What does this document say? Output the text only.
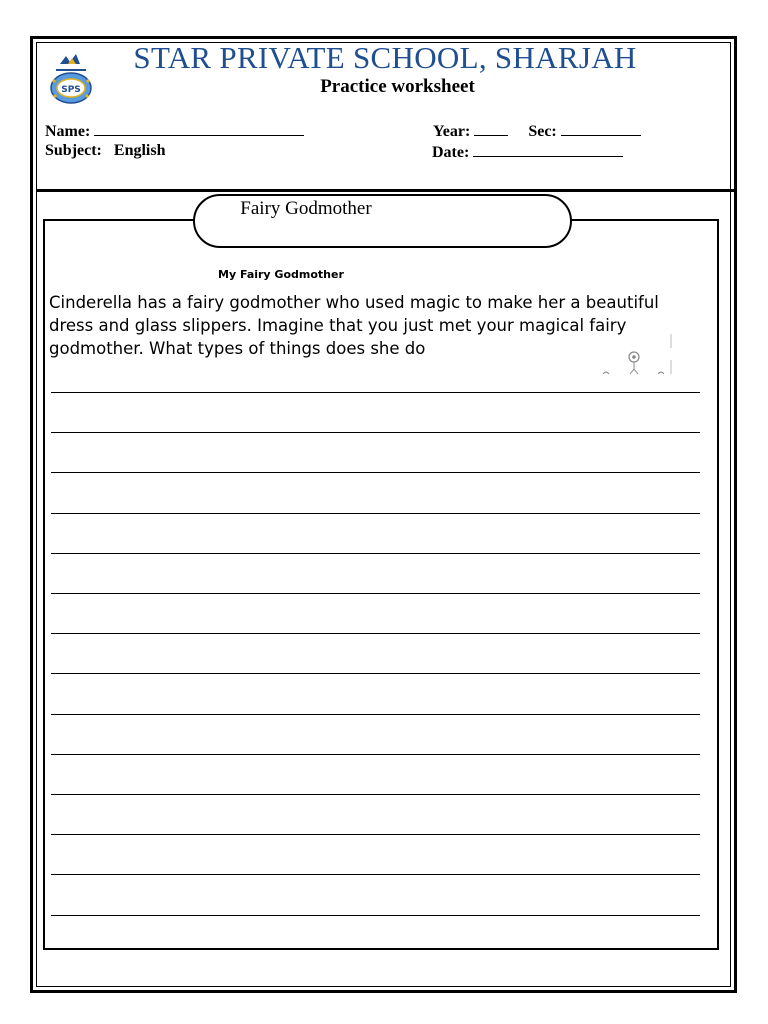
SPS
STAR PRIVATE SCHOOL, SHARJAH
Practice worksheet
Name:
Subject: English
Year:	Sec:
Date:
Fairy Godmother
My Fairy Godmother
Cinderella has a fairy godmother who used magic to make her a beautiful dress and glass slippers. Imagine that you just met your magical fairy godmother. What types of things does she do
